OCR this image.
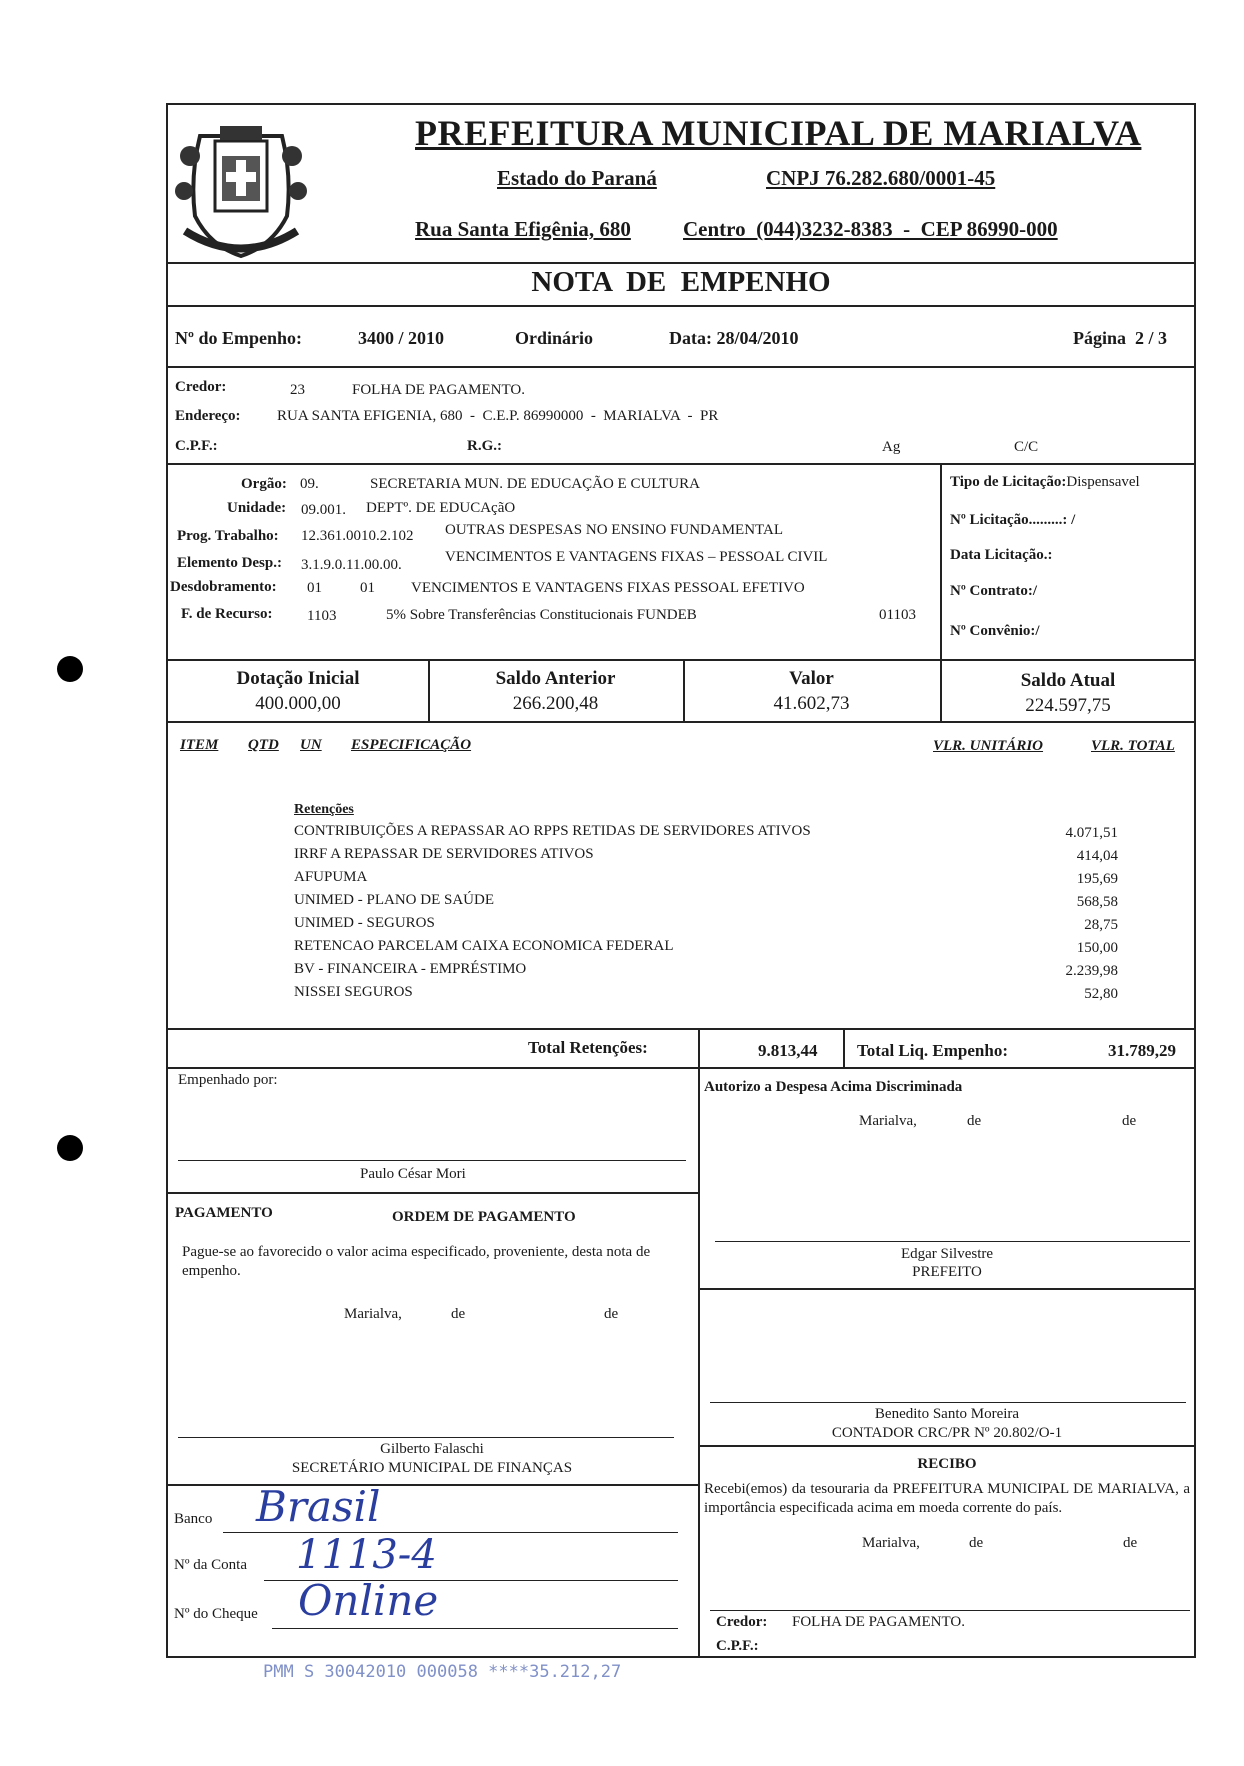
PREFEITURA MUNICIPAL DE MARIALVA
Estado do Paraná	CNPJ 76.282.680/0001-45
Rua Santa Efigênia, 680 Centro  (044)3232-8383  -  CEP 86990-000
NOTA  DE  EMPENHO
Nº do Empenho:	3400 / 2010	Ordinário	Data: 28/04/2010	Página  2 / 3
Credor:	23	FOLHA DE PAGAMENTO.
Endereço: RUA SANTA EFIGENIA, 680  -  C.E.P. 86990000  -  MARIALVA  -  PR
C.P.F.:	R.G.:	Ag	C/C
Orgão: 09.	SECRETARIA MUN. DE EDUCAÇÃO E CULTURA
Unidade: 09.001. DEPTº. DE EDUCAçãO
Prog. Trabalho: 12.361.0010.2.102 OUTRAS DESPESAS NO ENSINO FUNDAMENTAL
Elemento Desp.: 3.1.9.0.11.00.00.	VENCIMENTOS E VANTAGENS FIXAS – PESSOAL CIVIL
Desdobramento: 01	01 VENCIMENTOS E VANTAGENS FIXAS PESSOAL EFETIVO
F. de Recurso: 1103	5% Sobre Transferências Constitucionais FUNDEB	01103
Tipo de Licitação:Dispensavel
Nº Licitação.........: /
Data Licitação.:
Nº Contrato:/
Nº Convênio:/
Dotação Inicial
400.000,00
Saldo Anterior
266.200,48
Valor
41.602,73
Saldo Atual
224.597,75
ITEM QTD UN ESPECIFICAÇÃO	VLR. UNITÁRIO	VLR. TOTAL
Retenções
CONTRIBUIÇÕES A REPASSAR AO RPPS RETIDAS DE SERVIDORES ATIVOS	4.071,51
IRRF A REPASSAR DE SERVIDORES ATIVOS	414,04
AFUPUMA	195,69
UNIMED - PLANO DE SAÚDE	568,58
UNIMED - SEGUROS	28,75
RETENCAO PARCELAM CAIXA ECONOMICA FEDERAL	150,00
BV - FINANCEIRA - EMPRÉSTIMO	2.239,98
NISSEI SEGUROS	52,80
Total Retenções:	9.813,44 Total Liq. Empenho:	31.789,29
Empenhado por:
Paulo César Mori
Autorizo a Despesa Acima Discriminada
Marialva,	de	de
Edgar Silvestre
PREFEITO
PAGAMENTO	ORDEM DE PAGAMENTO
Pague-se ao favorecido o valor acima especificado, proveniente, desta nota de empenho.
Marialva,	de	de
Gilberto Falaschi
SECRETÁRIO MUNICIPAL DE FINANÇAS
Benedito Santo Moreira
CONTADOR CRC/PR Nº 20.802/O-1
RECIBO
Recebi(emos) da tesouraria da PREFEITURA MUNICIPAL DE MARIALVA, a importância especificada acima em moeda corrente do país.
Marialva,	de	de
Credor: FOLHA DE PAGAMENTO.
C.P.F.:
Banco Brasil
Nº da Conta 1113-4
Nº do Cheque Online
PMM S 30042010 000058 ****35.212,27
